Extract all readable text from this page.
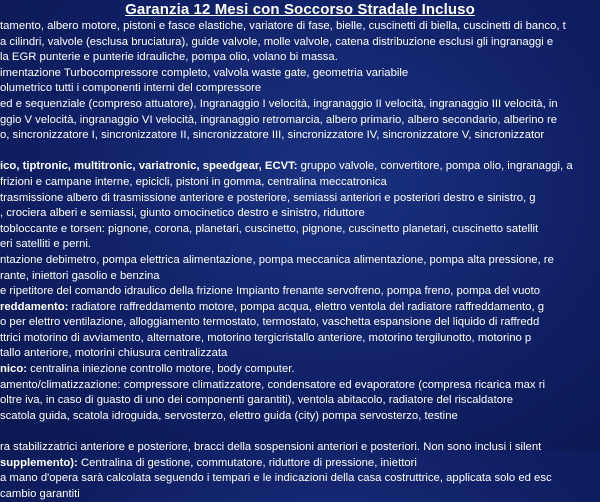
Garanzia 12 Mesi con Soccorso Stradale Incluso
tamento, albero motore, pistoni e fasce elastiche, variatore di fase, bielle, cuscinetti di biella, cuscinetti di banco, t
a cilindri, valvole (esclusa bruciatura), guide valvole, molle valvole, catena distribuzione esclusi gli ingranaggi e
la EGR punterie e punterie idrauliche, pompa olio, volano bi massa.
imentazione Turbocompressore completo, valvola waste gate, geometria variabile
olumetrico tutti i componenti interni del compressore
ed e sequenziale (compreso attuatore), Ingranaggio I velocità, ingranaggio II velocità, ingranaggio III velocità, in
ggio V velocità, ingranaggio VI velocità, ingranaggio retromarcia, albero primario, albero secondario, alberino re
o, sincronizzatore I, sincronizzatore II, sincronizzatore III, sincronizzatore IV, sincronizzatore V, sincronizzator
ico, tiptronic, multitronic, variatronic, speedgear, ECVT: gruppo valvole, convertitore, pompa olio, ingranaggi, a
frizioni e campane interne, epicicli, pistoni in gomma, centralina meccatronica
trasmissione albero di trasmissione anteriore e posteriore, semiassi anteriori e posteriori destro e sinistro, g
, crociera alberi e semiassi, giunto omocinetico destro e sinistro, riduttore
tobloccante e torsen: pignone, corona, planetari, cuscinetto, pignone, cuscinetto planetari, cuscinetto satellit
eri satelliti e perni.
ntazione debimetro, pompa elettrica alimentazione, pompa meccanica alimentazione, pompa alta pressione, re
rante, iniettori gasolio e benzina
e ripetitore del comando idraulico della frizione Impianto frenante servofreno, pompa freno, pompa del vuoto
reddamento: radiatore raffreddamento motore, pompa acqua, elettro ventola del radiatore raffreddamento, g
o per elettro ventilazione, alloggiamento termostato, termostato, vaschetta espansione del liquido di raffredd
ttrici motorino di avviamento, alternatore, motorino tergicristallo anteriore, motorino tergilunotto, motorino p
tallo anteriore, motorini chiusura centralizzata
nico: centralina iniezione controllo motore, body computer.
amento/climatizzazione: compressore climatizzatore, condensatore ed evaporatore (compresa ricarica max ri
oltre iva, in caso di guasto di uno dei componenti garantiti), ventola abitacolo, radiatore del riscaldatore
scatola guida, scatola idroguida, servosterzo, elettro guida (city) pompa servosterzo, testine
ra stabilizzatrici anteriore e posteriore, bracci della sospensioni anteriori e posteriori. Non sono inclusi i silent
supplemento): Centralina di gestione, commutatore, riduttore di pressione, iniettori
a mano d'opera sarà calcolata seguendo i tempari e le indicazioni della casa costruttrice, applicata solo ed esc
cambio garantiti
